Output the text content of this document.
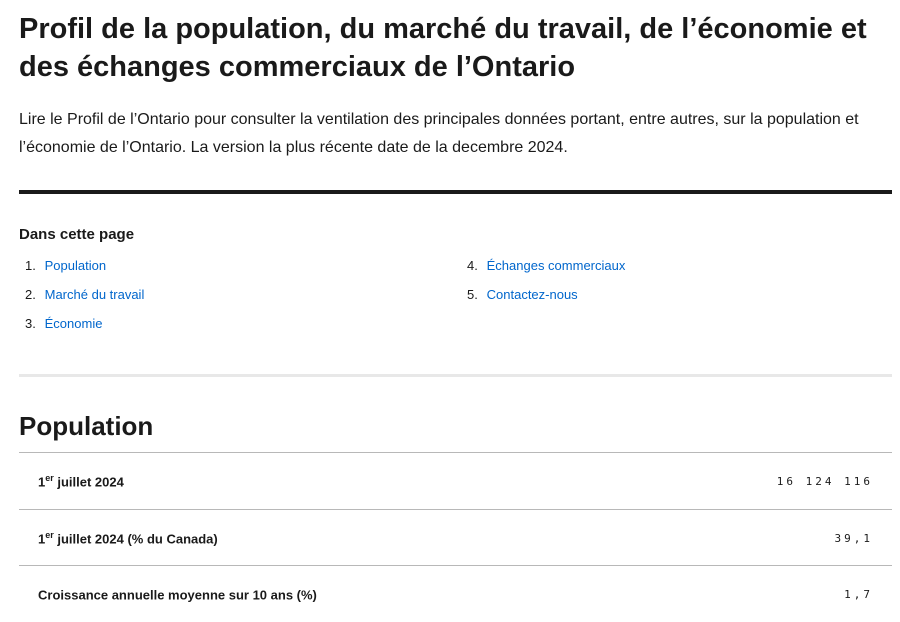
Profil de la population, du marché du travail, de l’économie et des échanges commerciaux de l’Ontario

Lire le Profil de l’Ontario pour consulter la ventilation des principales données portant, entre autres, sur la population et l’économie de l’Ontario. La version la plus récente date de la decembre 2024.

Dans cette page
1. Population
2. Marché du travail
3. Économie
4. Échanges commerciaux
5. Contactez-nous
Population
1er juillet 2024	16 124 116
1er juillet 2024 (% du Canada)	39,1
Croissance annuelle moyenne sur 10 ans (%)	1,7
